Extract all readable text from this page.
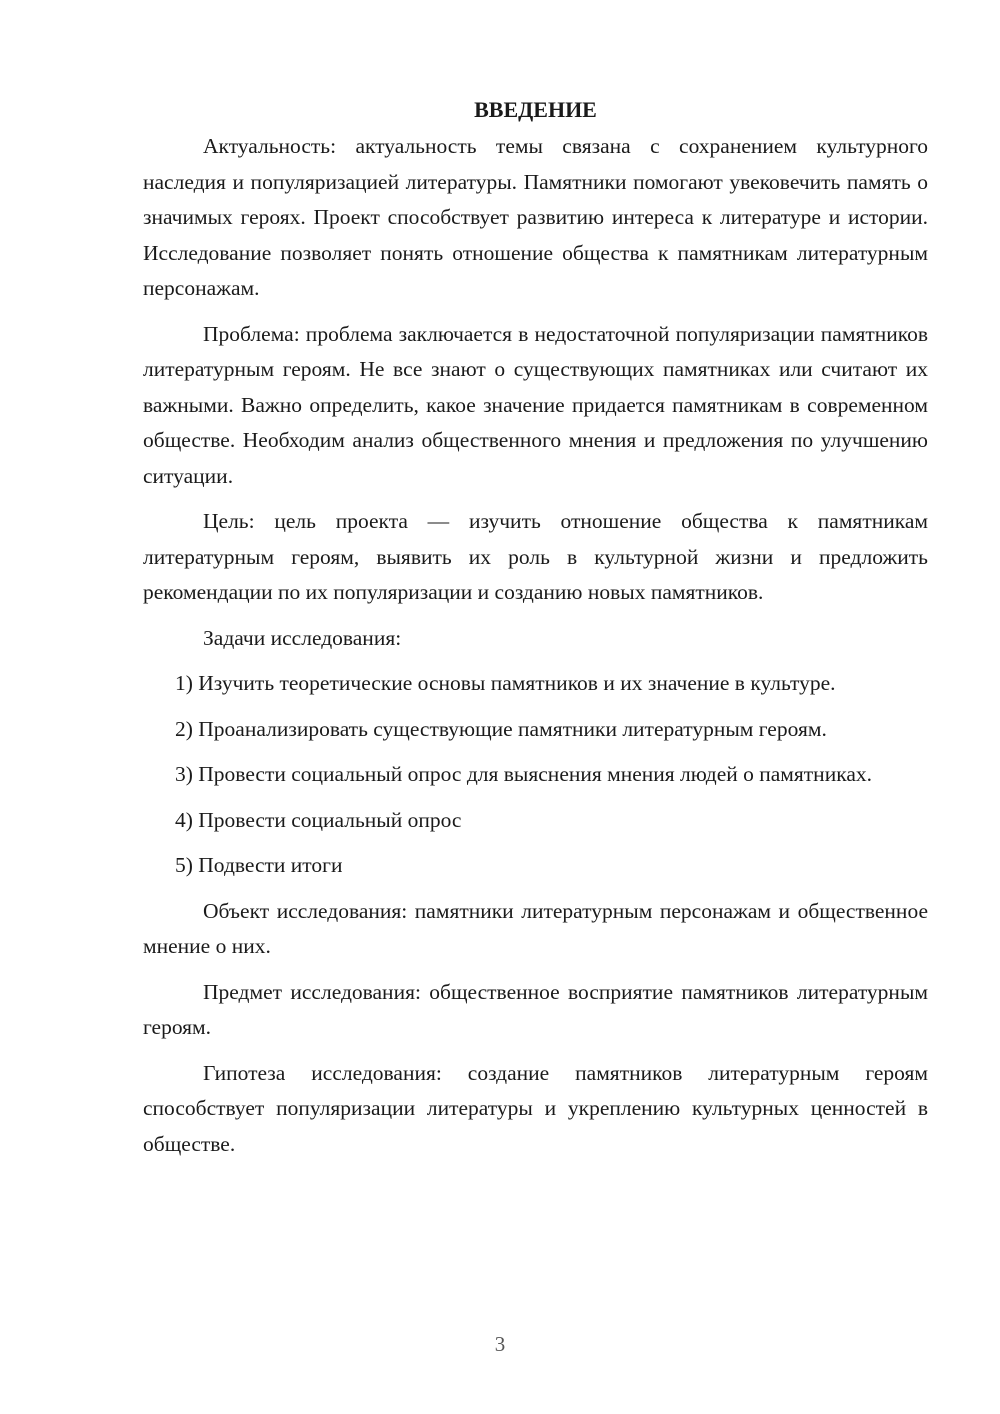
ВВЕДЕНИЕ

Актуальность: актуальность темы связана с сохранением культурного наследия и популяризацией литературы. Памятники помогают увековечить память о значимых героях. Проект способствует развитию интереса к литературе и истории. Исследование позволяет понять отношение общества к памятникам литературным персонажам.

Проблема: проблема заключается в недостаточной популяризации памятников литературным героям. Не все знают о существующих памятниках или считают их важными. Важно определить, какое значение придается памятникам в современном обществе. Необходим анализ общественного мнения и предложения по улучшению ситуации.

Цель: цель проекта — изучить отношение общества к памятникам литературным героям, выявить их роль в культурной жизни и предложить рекомендации по их популяризации и созданию новых памятников.

Задачи исследования:

1) Изучить теоретические основы памятников и их значение в культуре.

2) Проанализировать существующие памятники литературным героям.

3) Провести социальный опрос для выяснения мнения людей о памятниках.

4) Провести социальный опрос

5) Подвести итоги

Объект исследования: памятники литературным персонажам и общественное мнение о них.

Предмет исследования: общественное восприятие памятников литературным героям.

Гипотеза исследования: создание памятников литературным героям способствует популяризации литературы и укреплению культурных ценностей в обществе.

3
